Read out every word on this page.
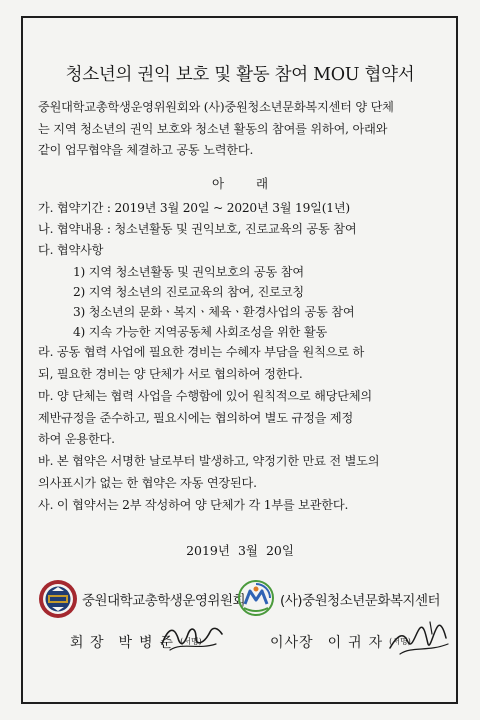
청소년의 권익 보호 및 활동 참여 MOU 협약서
중원대학교총학생운영위원회와 (사)중원청소년문화복지센터 양 단체
는 지역 청소년의 권익 보호와 청소년 활동의 참여를 위하여, 아래와
같이 업무협약을 체결하고 공동 노력한다.
아 래
가. 협약기간 : 2019년 3월 20일 ~ 2020년 3월 19일(1년)
나. 협약내용 : 청소년활동 및 권익보호, 진로교육의 공동 참여
다. 협약사항
1) 지역 청소년활동 및 권익보호의 공동 참여
2) 지역 청소년의 진로교육의 참여, 진로코칭
3) 청소년의 문화ㆍ복지ㆍ체육ㆍ환경사업의 공동 참여
4) 지속 가능한 지역공동체 사회조성을 위한 활동
라. 공동 협력 사업에 필요한 경비는 수혜자 부담을 원칙으로 하
되, 필요한 경비는 양 단체가 서로 협의하여 정한다.
마. 양 단체는 협력 사업을 수행함에 있어 원칙적으로 해당단체의
제반규정을 준수하고, 필요시에는 협의하여 별도 규정을 제정
하여 운용한다.
바. 본 협약은 서명한 날로부터 발생하고, 약정기한 만료 전 별도의
의사표시가 없는 한 협약은 자동 연장된다.
사. 이 협약서는 2부 작성하여 양 단체가 각 1부를 보관한다.
2019년 3월 20일
중원대학교총학생운영위원회	(사)중원청소년문화복지센터
회 장 박병준$^{(서명)}$	이사장 이귀자$^{(서명)}$
